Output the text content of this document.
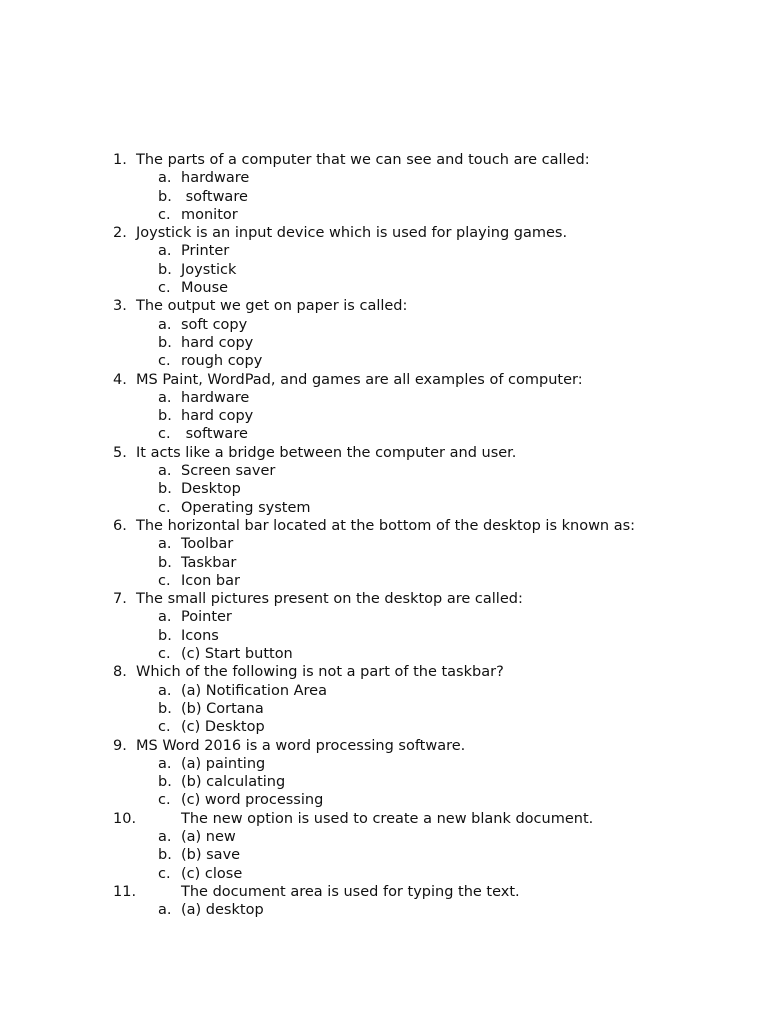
1.

The parts of a computer that we can see and touch are called:

a.

hardware

b.

software

c.

monitor

2.

Joystick is an input device which is used for playing games.

a.

Printer

b.

Joystick

c.

Mouse

3.

The output we get on paper is called:

a.

soft copy

b.

hard copy

c.

rough copy

4.

MS Paint, WordPad, and games are all examples of computer:

a.

hardware

b.

hard copy

c.

software

5.

It acts like a bridge between the computer and user.

a.

Screen saver

b.

Desktop

c.

Operating system

6.

The horizontal bar located at the bottom of the desktop is known as:

a.

Toolbar

b.

Taskbar

c.

Icon bar

7.

The small pictures present on the desktop are called:

a.

Pointer

b.

Icons

c.

(c) Start button

8.

Which of the following is not a part of the taskbar?

a.

(a) Notification Area

b.

(b) Cortana

c.

(c) Desktop

9.

MS Word 2016 is a word processing software.

a.

(a) painting

b.

(b) calculating

c.

(c) word processing

10.

	The new option is used to create a new blank document.

a.

(a) new

b.

(b) save

c.

(c) close

11.

	The document area is used for typing the text.

a.

(a) desktop
